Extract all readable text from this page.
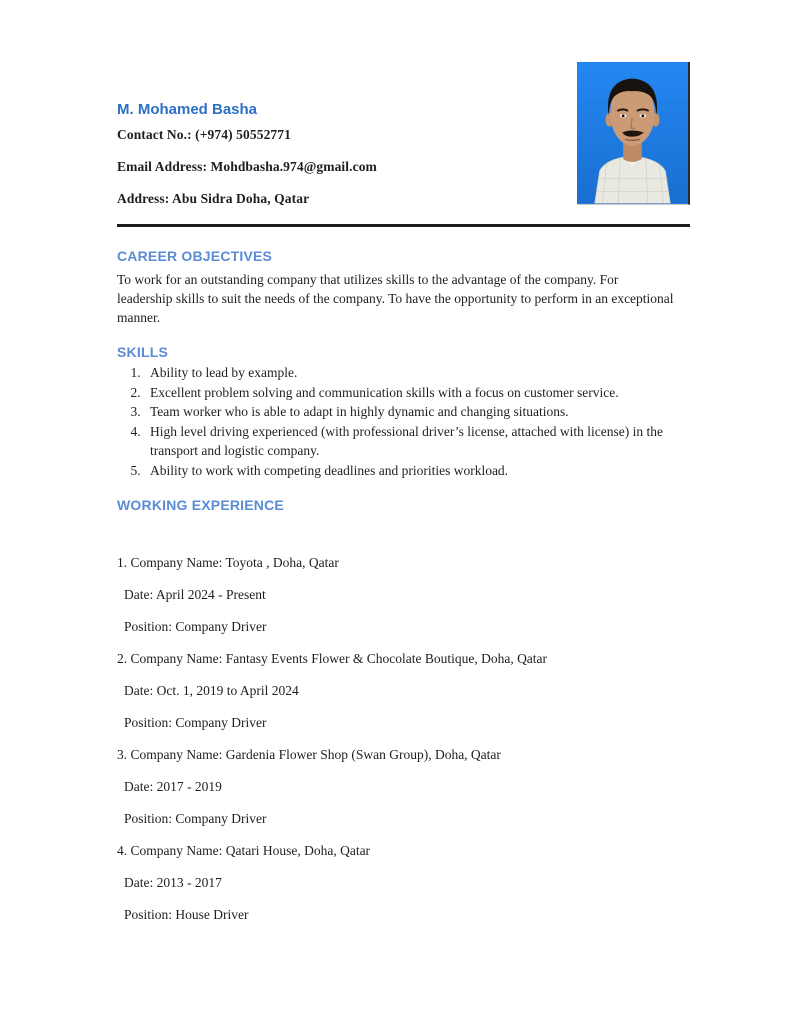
M. Mohamed Basha
Contact No.: (+974) 50552771
Email Address: Mohdbasha.974@gmail.com
Address: Abu Sidra Doha, Qatar
CAREER OBJECTIVES
To work for an outstanding company that utilizes skills to the advantage of the company. For leadership skills to suit the needs of the company. To have the opportunity to perform in an exceptional manner.
SKILLS
1. Ability to lead by example.
2. Excellent problem solving and communication skills with a focus on customer service.
3. Team worker who is able to adapt in highly dynamic and changing situations.
4. High level driving experienced (with professional driver’s license, attached with license) in the transport and logistic company.
5. Ability to work with competing deadlines and priorities workload.
WORKING EXPERIENCE
1. Company Name: Toyota , Doha, Qatar
Date: April 2024 - Present
Position: Company Driver
2. Company Name: Fantasy Events Flower & Chocolate Boutique, Doha, Qatar
Date: Oct. 1, 2019 to April 2024
Position: Company Driver
3. Company Name: Gardenia Flower Shop (Swan Group), Doha, Qatar
Date: 2017 - 2019
Position: Company Driver
4. Company Name: Qatari House, Doha, Qatar
Date: 2013 - 2017
Position: House Driver
